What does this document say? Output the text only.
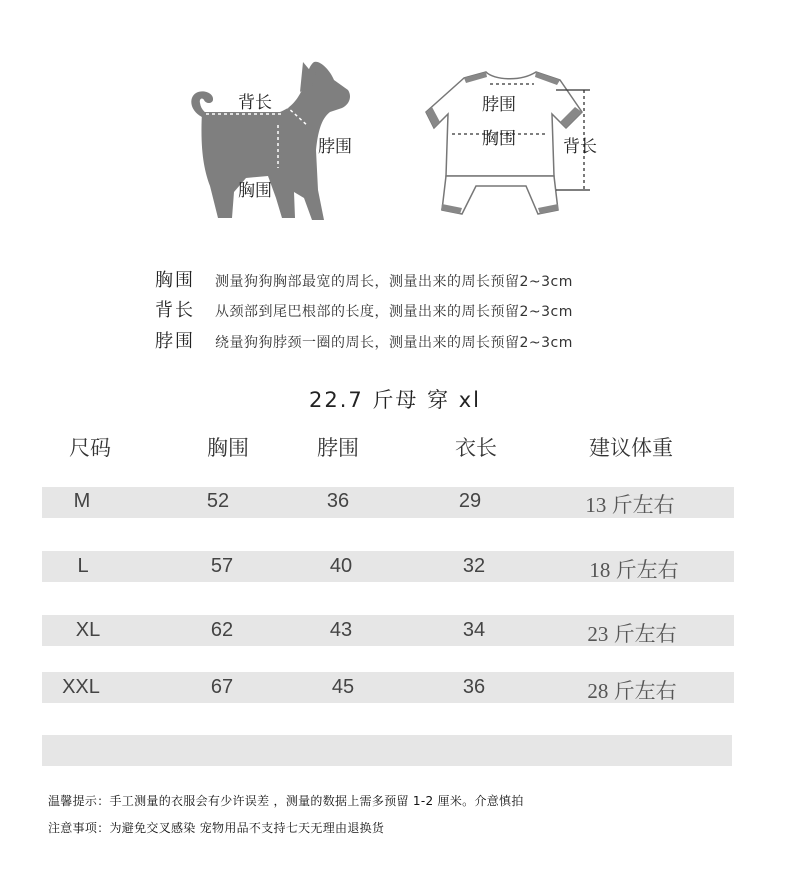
背长
脖围
胸围
脖围
胸围	背长
胸围	测量狗狗胸部最宽的周长，测量出来的周长预留2~3cm
背长	从颈部到尾巴根部的长度，测量出来的周长预留2~3cm
脖围	绕量狗狗脖颈一圈的周长，测量出来的周长预留2~3cm
22.7 斤母 穿 xl
尺码	胸围	脖围	衣长	建议体重
M	52	36	29	13 斤左右
L	57	40	32	18 斤左右
XL	62	43	34	23 斤左右
XXL	67	45	36	28 斤左右
温馨提示：手工测量的衣服会有少许误差 ，测量的数据上需多预留 1-2 厘米。介意慎拍
注意事项：为避免交叉感染 宠物用品不支持七天无理由退换货
